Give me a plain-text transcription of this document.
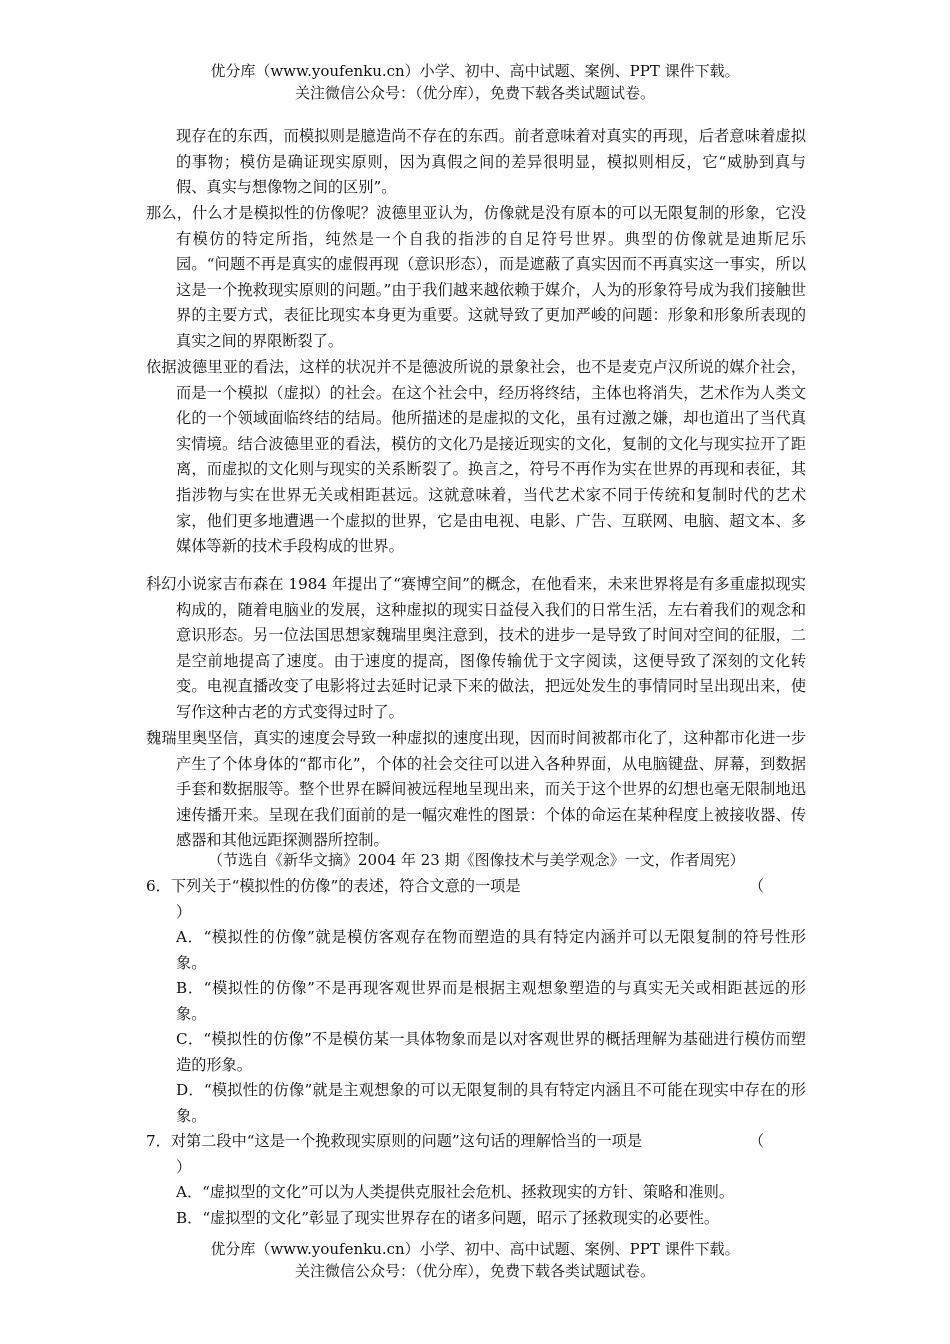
优分库（www.youfenku.cn）小学、初中、高中试题、案例、PPT 课件下载。
关注微信公众号：（优分库），免费下载各类试题试卷。
现存在的东西，而模拟则是臆造尚不存在的东西。前者意味着对真实的再现，后者意味着虚拟的事物；模仿是确证现实原则，因为真假之间的差异很明显，模拟则相反，它“威胁到真与假、真实与想像物之间的区别”。
那么，什么才是模拟性的仿像呢？波德里亚认为，仿像就是没有原本的可以无限复制的形象，它没有模仿的特定所指，纯然是一个自我的指涉的自足符号世界。典型的仿像就是迪斯尼乐园。“问题不再是真实的虚假再现（意识形态），而是遮蔽了真实因而不再真实这一事实，所以这是一个挽救现实原则的问题。”由于我们越来越依赖于媒介，人为的形象符号成为我们接触世界的主要方式，表征比现实本身更为重要。这就导致了更加严峻的问题：形象和形象所表现的真实之间的界限断裂了。
依据波德里亚的看法，这样的状况并不是德波所说的景象社会，也不是麦克卢汉所说的媒介社会，而是一个模拟（虚拟）的社会。在这个社会中，经历将终结，主体也将消失，艺术作为人类文化的一个领域面临终结的结局。他所描述的是虚拟的文化，虽有过激之嫌，却也道出了当代真实情境。结合波德里亚的看法，模仿的文化乃是接近现实的文化，复制的文化与现实拉开了距离，而虚拟的文化则与现实的关系断裂了。换言之，符号不再作为实在世界的再现和表征，其指涉物与实在世界无关或相距甚远。这就意味着，当代艺术家不同于传统和复制时代的艺术家，他们更多地遭遇一个虚拟的世界，它是由电视、电影、广告、互联网、电脑、超文本、多媒体等新的技术手段构成的世界。
科幻小说家吉布森在 1984 年提出了“赛博空间”的概念，在他看来，未来世界将是有多重虚拟现实构成的，随着电脑业的发展，这种虚拟的现实日益侵入我们的日常生活，左右着我们的观念和意识形态。另一位法国思想家魏瑞里奥注意到，技术的进步一是导致了时间对空间的征服，二是空前地提高了速度。由于速度的提高，图像传输优于文字阅读，这便导致了深刻的文化转变。电视直播改变了电影将过去延时记录下来的做法，把远处发生的事情同时呈出现出来，使写作这种古老的方式变得过时了。
魏瑞里奥坚信，真实的速度会导致一种虚拟的速度出现，因而时间被都市化了，这种都市化进一步产生了个体身体的“都市化”，个体的社会交往可以进入各种界面，从电脑键盘、屏幕，到数据手套和数据服等。整个世界在瞬间被远程地呈现出来，而关于这个世界的幻想也毫无限制地迅速传播开来。呈现在我们面前的是一幅灾难性的图景：个体的命运在某种程度上被接收器、传感器和其他远距探测器所控制。
（节选自《新华文摘》2004 年 23 期《图像技术与美学观念》一文，作者周宪）
6．下列关于“模拟性的仿像”的表述，符合文意的一项是	（
）
A．“模拟性的仿像”就是模仿客观存在物而塑造的具有特定内涵并可以无限复制的符号性形象。
B．“模拟性的仿像”不是再现客观世界而是根据主观想象塑造的与真实无关或相距甚远的形象。
C．“模拟性的仿像”不是模仿某一具体物象而是以对客观世界的概括理解为基础进行模仿而塑造的形象。
D．“模拟性的仿像”就是主观想象的可以无限复制的具有特定内涵且不可能在现实中存在的形象。
7．对第二段中“这是一个挽救现实原则的问题”这句话的理解恰当的一项是	（
）
A．“虚拟型的文化”可以为人类提供克服社会危机、拯救现实的方针、策略和准则。
B．“虚拟型的文化”彰显了现实世界存在的诸多问题，昭示了拯救现实的必要性。
优分库（www.youfenku.cn）小学、初中、高中试题、案例、PPT 课件下载。
关注微信公众号：（优分库），免费下载各类试题试卷。
